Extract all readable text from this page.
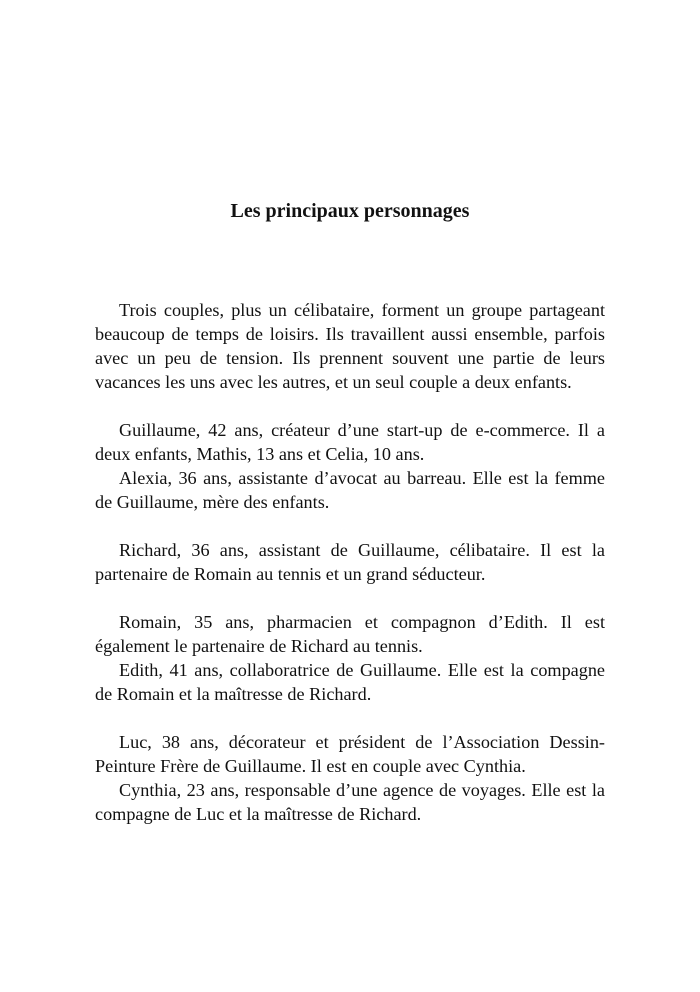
Les principaux personnages

Trois couples, plus un célibataire, forment un groupe partageant beaucoup de temps de loisirs. Ils travaillent aussi ensemble, parfois avec un peu de tension. Ils prennent souvent une partie de leurs vacances les uns avec les autres, et un seul couple a deux enfants.

Guillaume, 42 ans, créateur d’une start-up de e-commerce. Il a deux enfants, Mathis, 13 ans et Celia, 10 ans.

Alexia, 36 ans, assistante d’avocat au barreau. Elle est la femme de Guillaume, mère des enfants.

Richard, 36 ans, assistant de Guillaume, célibataire. Il est la partenaire de Romain au tennis et un grand séducteur.

Romain, 35 ans, pharmacien et compagnon d’Edith. Il est également le partenaire de Richard au tennis.

Edith, 41 ans, collaboratrice de Guillaume. Elle est la compagne de Romain et la maîtresse de Richard.

Luc, 38 ans, décorateur et président de l’Association Dessin-Peinture Frère de Guillaume. Il est en couple avec Cynthia.

Cynthia, 23 ans, responsable d’une agence de voyages. Elle est la compagne de Luc et la maîtresse de Richard.
